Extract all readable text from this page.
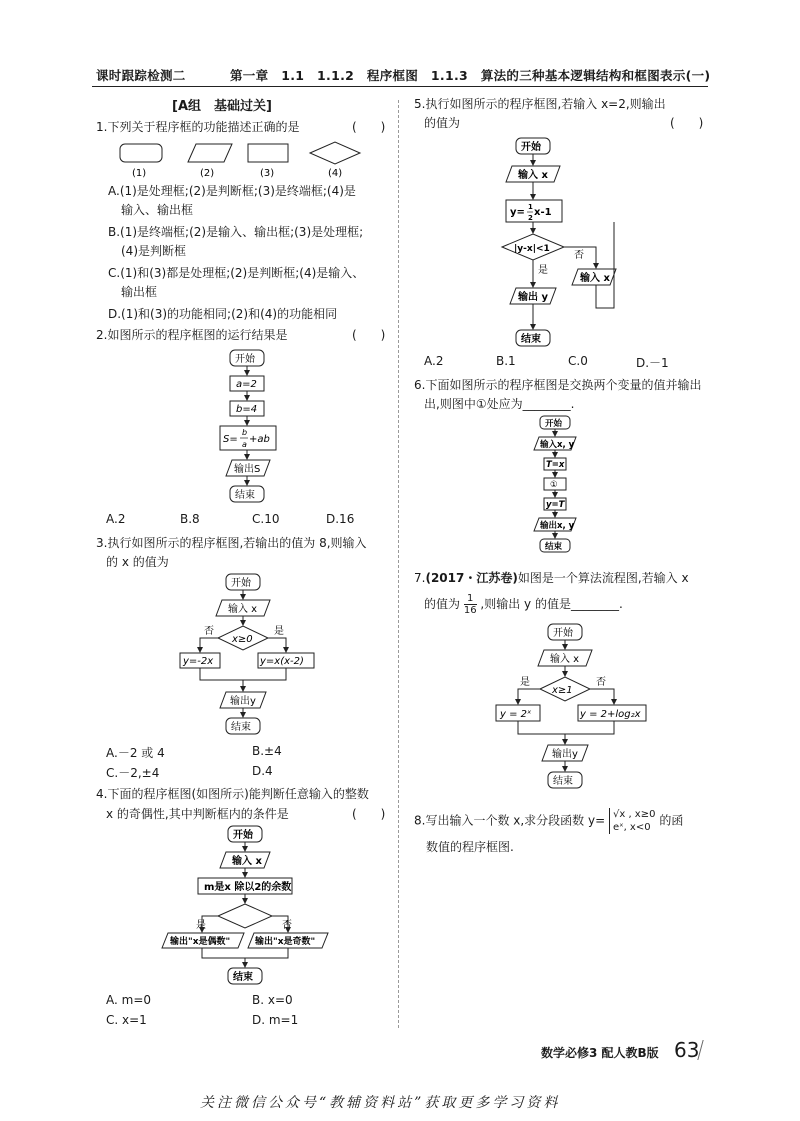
课时跟踪检测二	第一章　1.1　1.1.2　程序框图　1.1.3　算法的三种基本逻辑结构和框图表示(一)
[A组　基础过关]
1.下列关于程序框的功能描述正确的是	(　　)
(1)	(2)	(3)	(4)
A.(1)是处理框;(2)是判断框;(3)是终端框;(4)是
输入、输出框
B.(1)是终端框;(2)是输入、输出框;(3)是处理框;
(4)是判断框
C.(1)和(3)都是处理框;(2)是判断框;(4)是输入、
输出框
D.(1)和(3)的功能相同;(2)和(4)的功能相同
2.如图所示的程序框图的运行结果是	(　　)
开始
a=2
b=4
S=
b
a +ab
输出S
结束
A.2	B.8	C.10	D.16
3.执行如图所示的程序框图,若输出的值为 8,则输入
的 x 的值为
开始
输入 x
x≥0
否	是
y=-2x	y=x(x-2)
输出y
结束
A.－2 或 4	B.±4
C.－2,±4	D.4
4.下面的程序框图(如图所示)能判断任意输入的整数
x 的奇偶性,其中判断框内的条件是	(　　)
开始
输入 x
m是x 除以2的余数
是	否
输出"x是偶数"	输出"x是奇数"
结束
A. m=0	B. x=0
C. x=1	D. m=1
5.执行如图所示的程序框图,若输入 x=2,则输出
的值为	(　　)
开始
输入 x
y= 1
2 x-1
|y-x|<1
否
是
输入 x
输出 y
结束
A.2	B.1	C.0	D.－1
6.下面如图所示的程序框图是交换两个变量的值并输出
出,则图中①处应为________.
开始
输入x, y
T=x
①
y=T
输出x, y
结束
7.(2017・江苏卷)如图是一个算法流程图,若输入 x
的值为 $\frac{1}{16}$ ,则输出 y 的值是________.
开始
输入 x
x≥1
是	否
y = 2ˣ	y = 2+log₂x
输出y
结束
8.写出输入一个数 x,求分段函数 y= √x , x≥0
eˣ, x<0 的函
数值的程序框图.
数学必修3 配人教B版 63
关注微信公众号“教辅资料站”获取更多学习资料
